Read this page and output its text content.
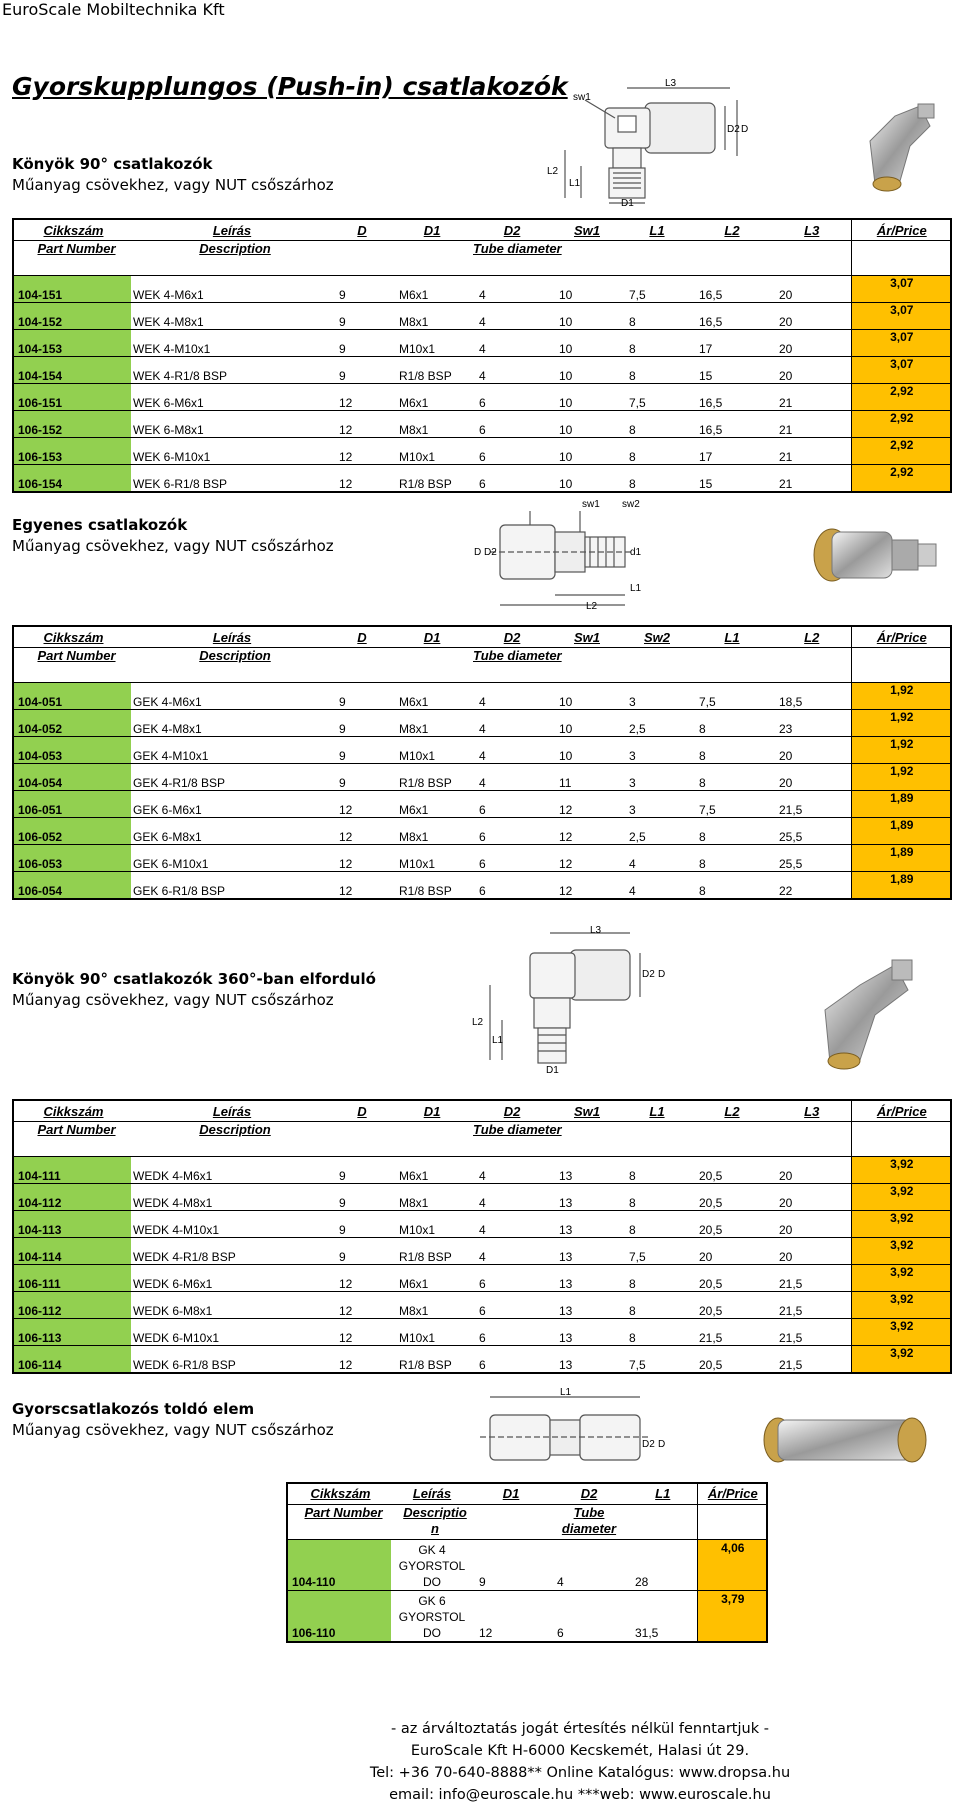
EuroScale Mobiltechnika Kft
Gyorskupplungos (Push-in) csatlakozók
Könyök 90° csatlakozók
Műanyag csövekhez, vagy NUT csőszárhoz
L3
sw1
D2 D
L2
L1
D1
Cikkszám	Leírás	D	D1	D2	Sw1	L1	L2	L3	Ár/Price
Part Number	Description			Tube diameter					
104-151	WEK 4-M6x1	9	M6x1	4	10	7,5	16,5	20	3,07
104-152	WEK 4-M8x1	9	M8x1	4	10	8	16,5	20	3,07
104-153	WEK 4-M10x1	9	M10x1	4	10	8	17	20	3,07
104-154	WEK 4-R1/8 BSP	9	R1/8 BSP	4	10	8	15	20	3,07
106-151	WEK 6-M6x1	12	M6x1	6	10	7,5	16,5	21	2,92
106-152	WEK 6-M8x1	12	M8x1	6	10	8	16,5	21	2,92
106-153	WEK 6-M10x1	12	M10x1	6	10	8	17	21	2,92
106-154	WEK 6-R1/8 BSP	12	R1/8 BSP	6	10	8	15	21	2,92
Egyenes csatlakozók
Műanyag csövekhez, vagy NUT csőszárhoz
sw1 sw2
D D2	d1
L1
L2
Cikkszám	Leírás	D	D1	D2	Sw1	Sw2	L1	L2	Ár/Price
Part Number	Description			Tube diameter					
104-051	GEK 4-M6x1	9	M6x1	4	10	3	7,5	18,5	1,92
104-052	GEK 4-M8x1	9	M8x1	4	10	2,5	8	23	1,92
104-053	GEK 4-M10x1	9	M10x1	4	10	3	8	20	1,92
104-054	GEK 4-R1/8 BSP	9	R1/8 BSP	4	11	3	8	20	1,92
106-051	GEK 6-M6x1	12	M6x1	6	12	3	7,5	21,5	1,89
106-052	GEK 6-M8x1	12	M8x1	6	12	2,5	8	25,5	1,89
106-053	GEK 6-M10x1	12	M10x1	6	12	4	8	25,5	1,89
106-054	GEK 6-R1/8 BSP	12	R1/8 BSP	6	12	4	8	22	1,89
Könyök 90° csatlakozók 360°-ban elforduló
Műanyag csövekhez, vagy NUT csőszárhoz
L3
D2 D
L2
L1
D1
Cikkszám	Leírás	D	D1	D2	Sw1	L1	L2	L3	Ár/Price
Part Number	Description			Tube diameter					
104-111	WEDK 4-M6x1	9	M6x1	4	13	8	20,5	20	3,92
104-112	WEDK 4-M8x1	9	M8x1	4	13	8	20,5	20	3,92
104-113	WEDK 4-M10x1	9	M10x1	4	13	8	20,5	20	3,92
104-114	WEDK 4-R1/8 BSP	9	R1/8 BSP	4	13	7,5	20	20	3,92
106-111	WEDK 6-M6x1	12	M6x1	6	13	8	20,5	21,5	3,92
106-112	WEDK 6-M8x1	12	M8x1	6	13	8	20,5	21,5	3,92
106-113	WEDK 6-M10x1	12	M10x1	6	13	8	21,5	21,5	3,92
106-114	WEDK 6-R1/8 BSP	12	R1/8 BSP	6	13	7,5	20,5	21,5	3,92
Gyorscsatlakozós toldó elem
Műanyag csövekhez, vagy NUT csőszárhoz
L1
D2 D
Cikkszám	Leírás	D1	D2	L1	Ár/Price
Part Number	Descriptio n		Tube diameter		
104-110	GK 4 GYORSTOL DO	9	4	28	4,06
106-110	GK 6 GYORSTOL DO	12	6	31,5	3,79
- az árváltoztatás jogát értesítés nélkül fenntartjuk -
EuroScale Kft H-6000 Kecskemét, Halasi út 29.
Tel: +36 70-640-8888** Online Katalógus: www.dropsa.hu
email: info@euroscale.hu ***web: www.euroscale.hu
